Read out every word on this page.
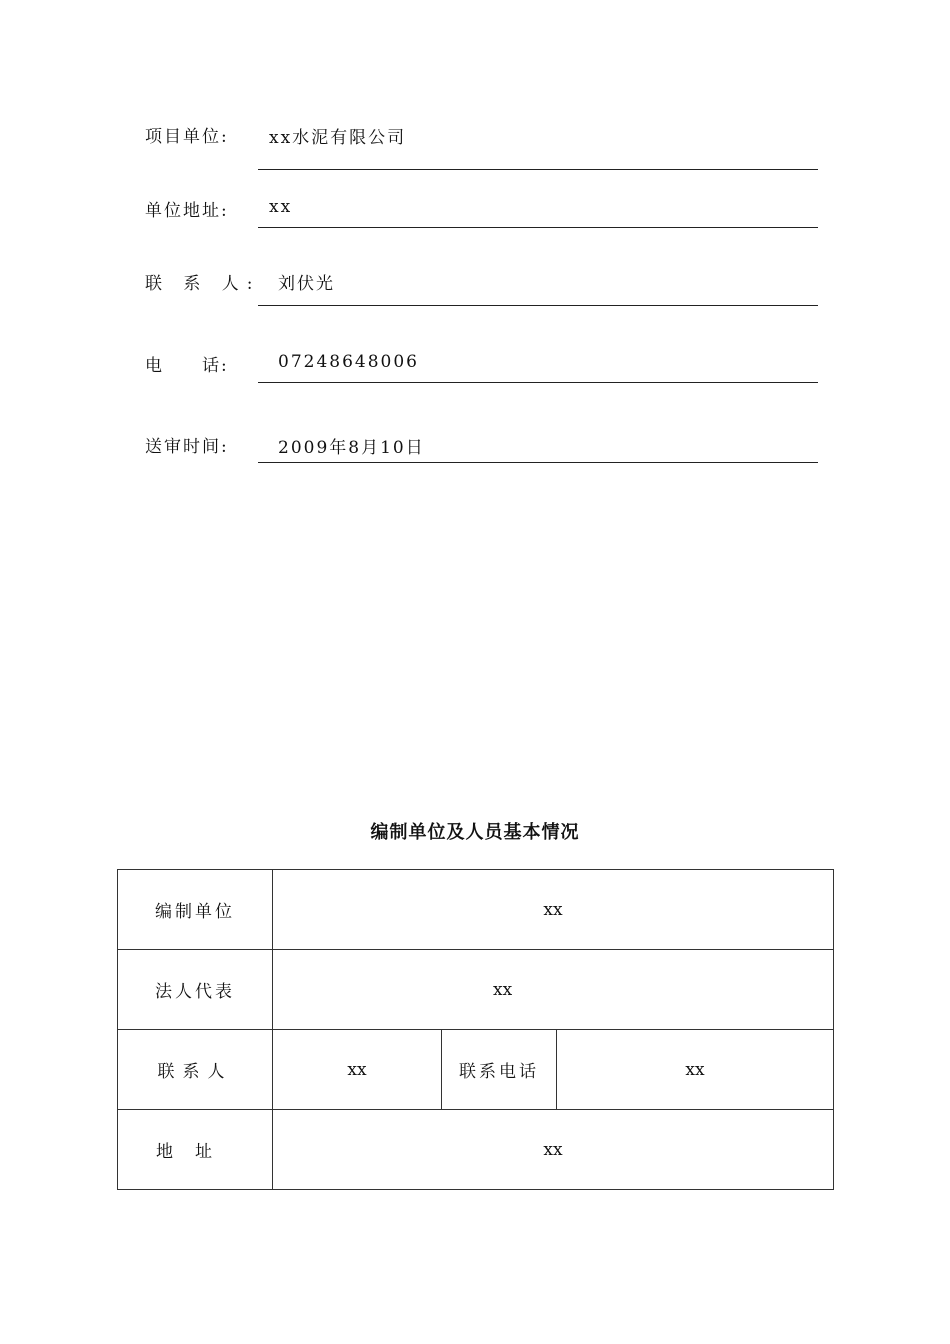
项目单位: xx水泥有限公司
单位地址: xx
联 系 人: 刘伏光
电　　话:	07248648006
送审时间:	2009年8月10日
编制单位及人员基本情况
编制单位	xx		
法人代表	xx		
联系人	xx	联系电话	xx
地址	xx		
